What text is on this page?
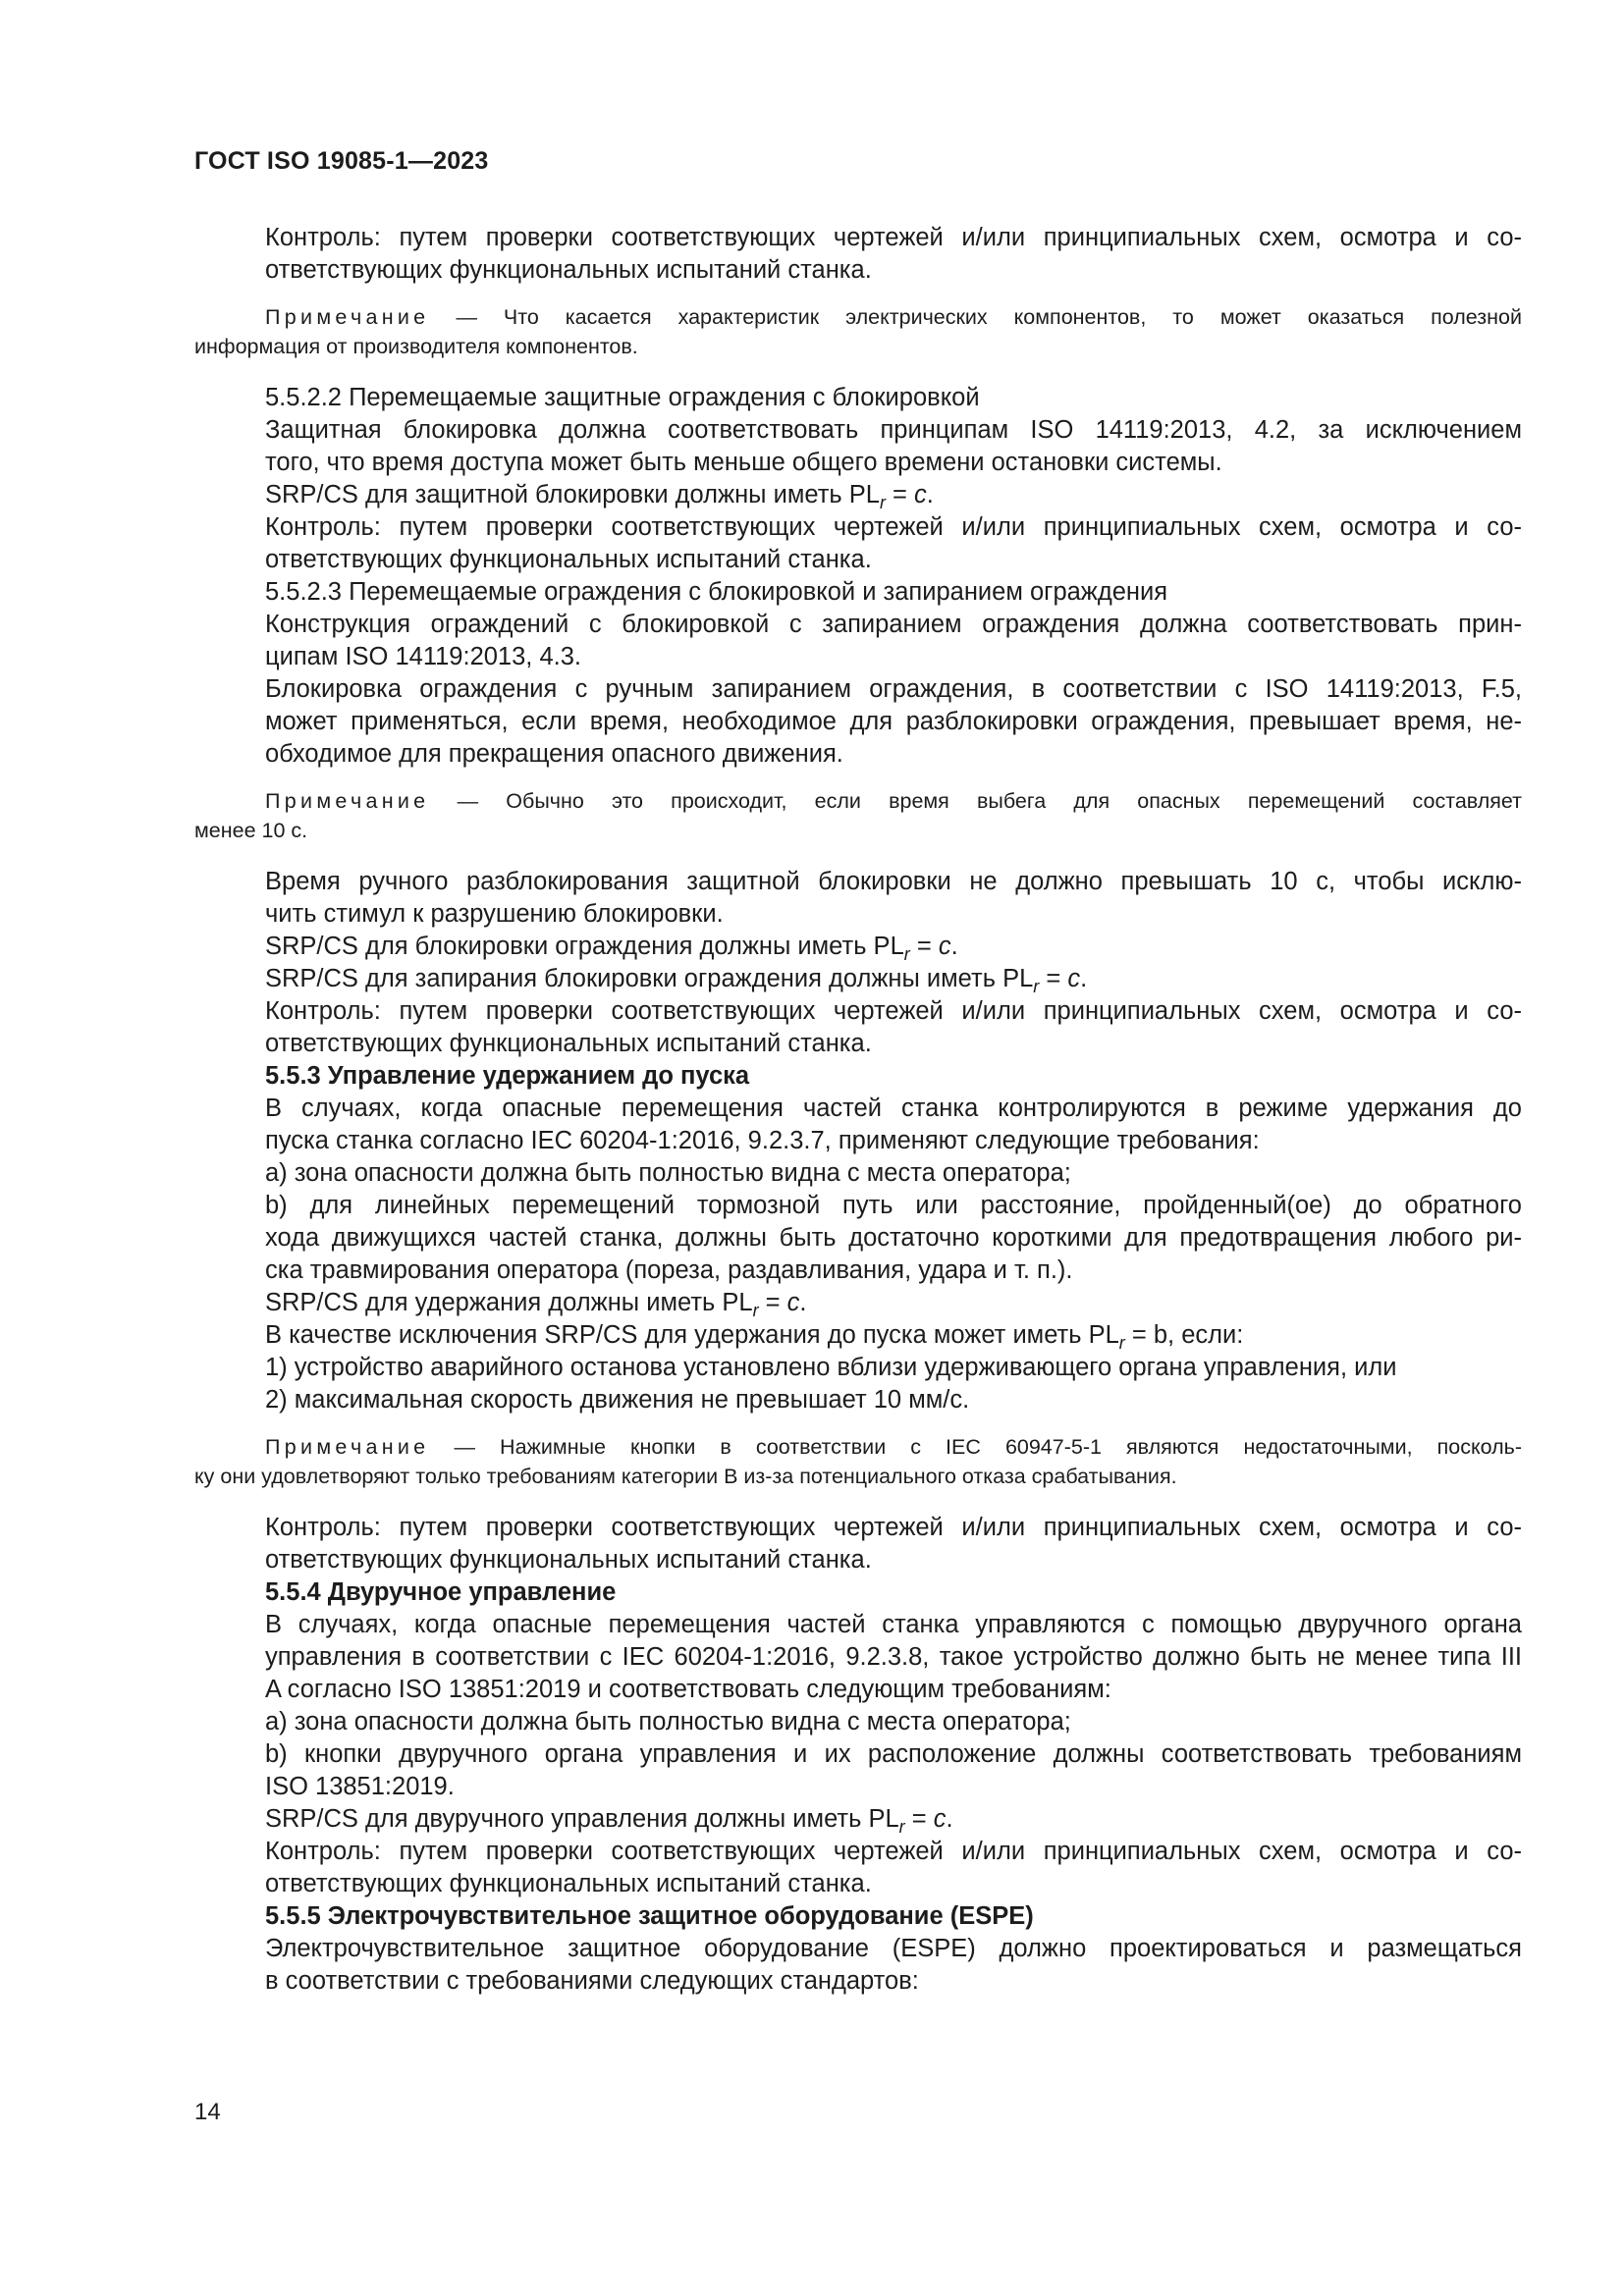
ГОСТ ISO 19085-1—2023

Контроль: путем проверки соответствующих чертежей и/или принципиальных схем, осмотра и со-

ответствующих функциональных испытаний станка.

Примечание — Что касается характеристик электрических компонентов, то может оказаться полезной

информация от производителя компонентов.

5.5.2.2 Перемещаемые защитные ограждения с блокировкой

Защитная блокировка должна соответствовать принципам ISO 14119:2013, 4.2, за исключением

того, что время доступа может быть меньше общего времени остановки системы.

SRP/CS для защитной блокировки должны иметь $PL_r = c$.

Контроль: путем проверки соответствующих чертежей и/или принципиальных схем, осмотра и со-

ответствующих функциональных испытаний станка.

5.5.2.3 Перемещаемые ограждения с блокировкой и запиранием ограждения

Конструкция ограждений с блокировкой с запиранием ограждения должна соответствовать прин-

ципам ISO 14119:2013, 4.3.

Блокировка ограждения с ручным запиранием ограждения, в соответствии с ISO 14119:2013, F.5,

может применяться, если время, необходимое для разблокировки ограждения, превышает время, не-

обходимое для прекращения опасного движения.

Примечание — Обычно это происходит, если время выбега для опасных перемещений составляет

менее 10 с.

Время ручного разблокирования защитной блокировки не должно превышать 10 с, чтобы исклю-

чить стимул к разрушению блокировки.

SRP/CS для блокировки ограждения должны иметь $PL_r = c$.

SRP/CS для запирания блокировки ограждения должны иметь $PL_r = c$.

Контроль: путем проверки соответствующих чертежей и/или принципиальных схем, осмотра и со-

ответствующих функциональных испытаний станка.

5.5.3 Управление удержанием до пуска

В случаях, когда опасные перемещения частей станка контролируются в режиме удержания до

пуска станка согласно IEC 60204-1:2016, 9.2.3.7, применяют следующие требования:

a) зона опасности должна быть полностью видна с места оператора;

b) для линейных перемещений тормозной путь или расстояние, пройденный(ое) до обратного

хода движущихся частей станка, должны быть достаточно короткими для предотвращения любого ри-

ска травмирования оператора (пореза, раздавливания, удара и т. п.).

SRP/CS для удержания должны иметь $PL_r = c$.

В качестве исключения SRP/CS для удержания до пуска может иметь $PL_r = b$, если:

1) устройство аварийного останова установлено вблизи удерживающего органа управления, или

2) максимальная скорость движения не превышает 10 мм/с.

Примечание — Нажимные кнопки в соответствии с IEC 60947-5-1 являются недостаточными, посколь-

ку они удовлетворяют только требованиям категории B из-за потенциального отказа срабатывания.

Контроль: путем проверки соответствующих чертежей и/или принципиальных схем, осмотра и со-

ответствующих функциональных испытаний станка.

5.5.4 Двуручное управление

В случаях, когда опасные перемещения частей станка управляются с помощью двуручного органа

управления в соответствии с IEC 60204-1:2016, 9.2.3.8, такое устройство должно быть не менее типа III

A согласно ISO 13851:2019 и соответствовать следующим требованиям:

a) зона опасности должна быть полностью видна с места оператора;

b) кнопки двуручного органа управления и их расположение должны соответствовать требованиям

ISO 13851:2019.

SRP/CS для двуручного управления должны иметь $PL_r = c$.

Контроль: путем проверки соответствующих чертежей и/или принципиальных схем, осмотра и со-

ответствующих функциональных испытаний станка.

5.5.5 Электрочувствительное защитное оборудование (ESPE)

Электрочувствительное защитное оборудование (ESPE) должно проектироваться и размещаться

в соответствии с требованиями следующих стандартов:

14
